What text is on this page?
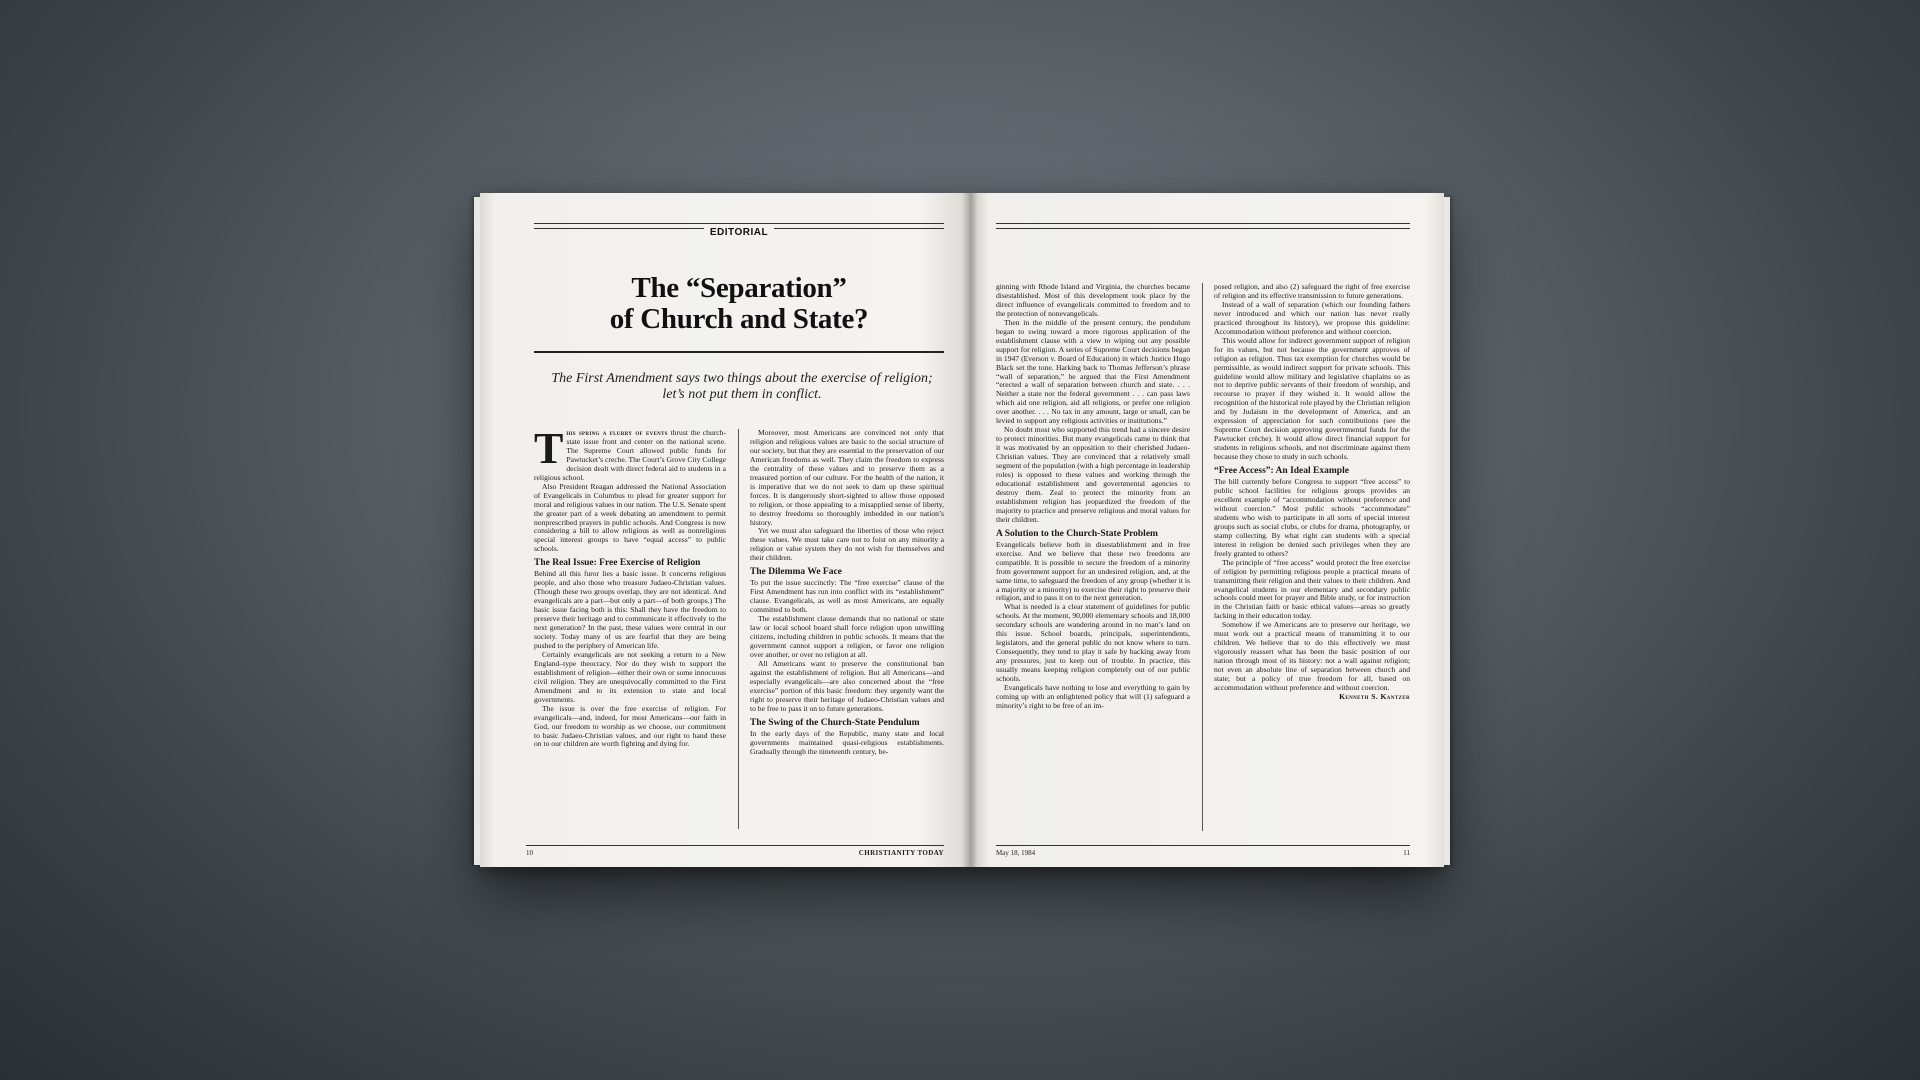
EDITORIAL
The “Separation”
of Church and State?
The First Amendment says two things about the exercise of religion; let’s not put them in conflict.

This spring a flurry of events thrust the church-state issue front and center on the national scene. The Supreme Court allowed public funds for Pawtucket’s creche. The Court’s Grove City College decision dealt with direct federal aid to students in a religious school.

Also President Reagan addressed the National Association of Evangelicals in Columbus to plead for greater support for moral and religious values in our nation. The U.S. Senate spent the greater part of a week debating an amendment to permit nonprescribed prayers in public schools. And Congress is now considering a bill to allow religious as well as nonreligious special interest groups to have “equal access” to public schools.

The Real Issue: Free Exercise of Religion

Behind all this furor lies a basic issue. It concerns religious people, and also those who treasure Judaeo-Christian values. (Though these two groups overlap, they are not identical. And evangelicals are a part—but only a part—of both groups.) The basic issue facing both is this: Shall they have the freedom to preserve their heritage and to communicate it effectively to the next generation? In the past, these values were central in our society. Today many of us are fearful that they are being pushed to the periphery of American life.

Certainly evangelicals are not seeking a return to a New England–type theocracy. Nor do they wish to support the establishment of religion—either their own or some innocuous civil religion. They are unequivocally committed to the First Amendment and to its extension to state and local governments.

The issue is over the free exercise of religion. For evangelicals—and, indeed, for most Americans—our faith in God, our freedom to worship as we choose, our commitment to basic Judaeo-Christian values, and our right to hand these on to our children are worth fighting and dying for.

Moreover, most Americans are convinced not only that religion and religious values are basic to the social structure of our society, but that they are essential to the preservation of our American freedoms as well. They claim the freedom to express the centrality of these values and to preserve them as a treasured portion of our culture. For the health of the nation, it is imperative that we do not seek to dam up these spiritual forces. It is dangerously short-sighted to allow those opposed to religion, or those appealing to a misapplied sense of liberty, to destroy freedoms so thoroughly imbedded in our nation’s history.

Yet we must also safeguard the liberties of those who reject these values. We must take care not to foist on any minority a religion or value system they do not wish for themselves and their children.

The Dilemma We Face

To put the issue succinctly: The “free exercise” clause of the First Amendment has run into conflict with its “establishment” clause. Evangelicals, as well as most Americans, are equally committed to both.

The establishment clause demands that no national or state law or local school board shall force religion upon unwilling citizens, including children in public schools. It means that the government cannot support a religion, or favor one religion over another, or over no religion at all.

All Americans want to preserve the constitutional ban against the establishment of religion. But all Americans—and especially evangelicals—are also concerned about the “free exercise” portion of this basic freedom: they urgently want the right to preserve their heritage of Judaeo-Christian values and to be free to pass it on to future generations.

The Swing of the Church-State Pendulum

In the early days of the Republic, many state and local governments maintained quasi-religious establishments. Gradually through the nineteenth century, be-

10	CHRISTIANITY TODAY

ginning with Rhode Island and Virginia, the churches became disestablished. Most of this development took place by the direct influence of evangelicals committed to freedom and to the protection of nonevangelicals.

Then in the middle of the present century, the pendulum began to swing toward a more rigorous application of the establishment clause with a view to wiping out any possible support for religion. A series of Supreme Court decisions began in 1947 (Everson v. Board of Education) in which Justice Hugo Black set the tone. Harking back to Thomas Jefferson’s phrase “wall of separation,” he argued that the First Amendment “erected a wall of separation between church and state. . . . Neither a state nor the federal government . . . can pass laws which aid one religion, aid all religions, or prefer one religion over another. . . . No tax in any amount, large or small, can be levied to support any religious activities or institutions.”

No doubt most who supported this trend had a sincere desire to protect minorities. But many evangelicals came to think that it was motivated by an opposition to their cherished Judaeo-Christian values. They are convinced that a relatively small segment of the population (with a high percentage in leadership roles) is opposed to these values and working through the educational establishment and governmental agencies to destroy them. Zeal to protect the minority from an establishment religion has jeopardized the freedom of the majority to practice and preserve religious and moral values for their children.

A Solution to the Church-State Problem

Evangelicals believe both in disestablishment and in free exercise. And we believe that these two freedoms are compatible. It is possible to secure the freedom of a minority from government support for an undesired religion, and, at the same time, to safeguard the freedom of any group (whether it is a majority or a minority) to exercise their right to preserve their religion, and to pass it on to the next generation.

What is needed is a clear statement of guidelines for public schools. At the moment, 90,000 elementary schools and 18,000 secondary schools are wandering around in no man’s land on this issue. School boards, principals, superintendents, legislators, and the general public do not know where to turn. Consequently, they tend to play it safe by backing away from any pressures, just to keep out of trouble. In practice, this usually means keeping religion completely out of our public schools.

Evangelicals have nothing to lose and everything to gain by coming up with an enlightened policy that will (1) safeguard a minority’s right to be free of an im-

posed religion, and also (2) safeguard the right of free exercise of religion and its effective transmission to future generations.

Instead of a wall of separation (which our founding fathers never introduced and which our nation has never really practiced throughout its history), we propose this guideline: Accommodation without preference and without coercion.

This would allow for indirect government support of religion for its values, but not because the government approves of religion as religion. Thus tax exemption for churches would be permissible, as would indirect support for private schools. This guideline would allow military and legislative chaplains so as not to deprive public servants of their freedom of worship, and recourse to prayer if they wished it. It would allow the recognition of the historical role played by the Christian religion and by Judaism in the development of America, and an expression of appreciation for such contributions (see the Supreme Court decision approving governmental funds for the Pawtucket crèche). It would allow direct financial support for students in religious schools, and not discriminate against them because they chose to study in such schools.

“Free Access”: An Ideal Example

The bill currently before Congress to support “free access” to public school facilities for religious groups provides an excellent example of “accommodation without preference and without coercion.” Most public schools “accommodate” students who wish to participate in all sorts of special interest groups such as social clubs, or clubs for drama, photography, or stamp collecting. By what right can students with a special interest in religion be denied such privileges when they are freely granted to others?

The principle of “free access” would protect the free exercise of religion by permitting religious people a practical means of transmitting their religion and their values to their children. And evangelical students in our elementary and secondary public schools could meet for prayer and Bible study, or for instruction in the Christian faith or basic ethical values—areas so greatly lacking in their education today.

Somehow if we Americans are to preserve our heritage, we must work out a practical means of transmitting it to our children. We believe that to do this effectively we must vigorously reassert what has been the basic position of our nation through most of its history: not a wall against religion; not even an absolute line of separation between church and state; but a policy of true freedom for all, based on accommodation without preference and without coercion.

Kenneth S. Kantzer

May 18, 1984	11
